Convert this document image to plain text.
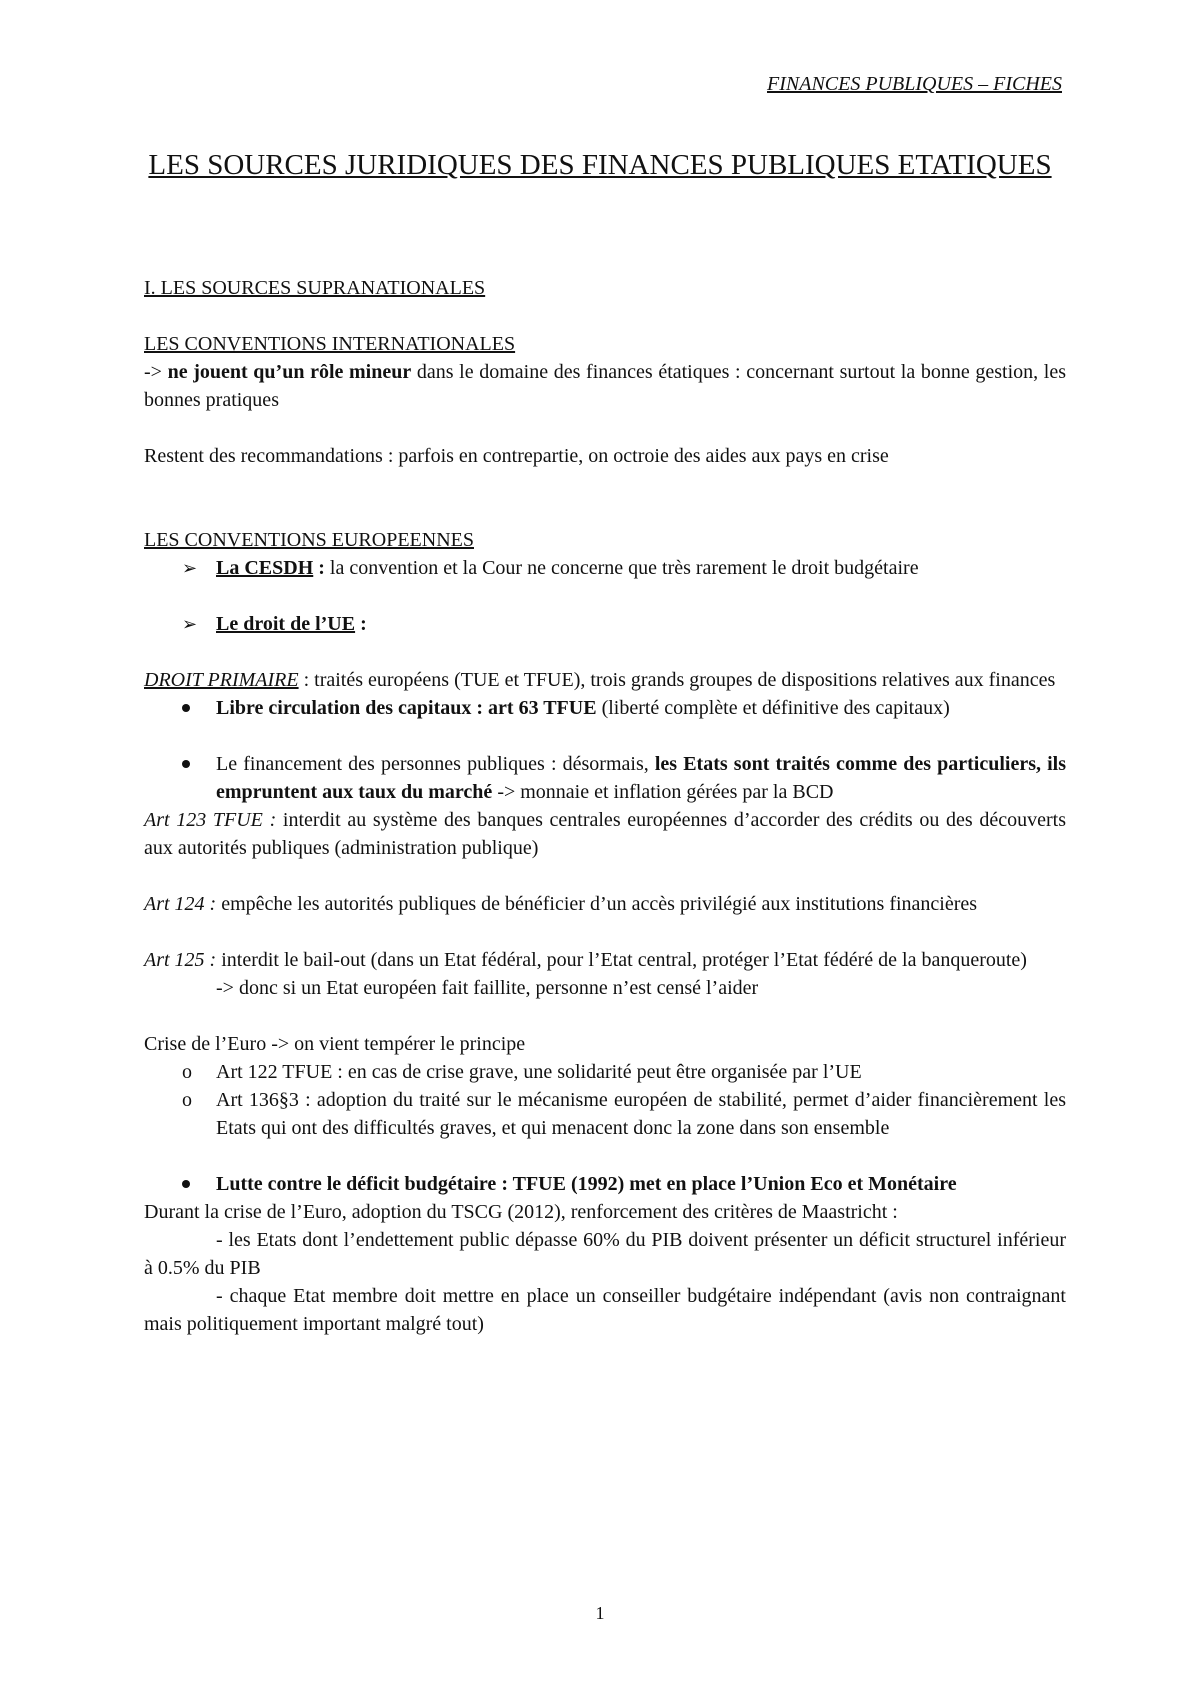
FINANCES PUBLIQUES – FICHES
LES SOURCES JURIDIQUES DES FINANCES PUBLIQUES ETATIQUES

I. LES SOURCES SUPRANATIONALES

LES CONVENTIONS INTERNATIONALES

-> ne jouent qu’un rôle mineur dans le domaine des finances étatiques : concernant surtout la bonne gestion, les bonnes pratiques

Restent des recommandations : parfois en contrepartie, on octroie des aides aux pays en crise

LES CONVENTIONS EUROPEENNES

➢ La CESDH : la convention et la Cour ne concerne que très rarement le droit budgétaire
➢ Le droit de l’UE :

DROIT PRIMAIRE : traités européens (TUE et TFUE), trois grands groupes de dispositions relatives aux finances

Libre circulation des capitaux : art 63 TFUE (liberté complète et définitive des capitaux)
Le financement des personnes publiques : désormais, les Etats sont traités comme des particuliers, ils empruntent aux taux du marché -> monnaie et inflation gérées par la BCD

Art 123 TFUE : interdit au système des banques centrales européennes d’accorder des crédits ou des découverts aux autorités publiques (administration publique)

Art 124 : empêche les autorités publiques de bénéficier d’un accès privilégié aux institutions financières

Art 125 : interdit le bail-out (dans un Etat fédéral, pour l’Etat central, protéger l’Etat fédéré de la banqueroute)

-> donc si un Etat européen fait faillite, personne n’est censé l’aider

Crise de l’Euro -> on vient tempérer le principe

o Art 122 TFUE : en cas de crise grave, une solidarité peut être organisée par l’UE
o Art 136§3 : adoption du traité sur le mécanisme européen de stabilité, permet d’aider financièrement les Etats qui ont des difficultés graves, et qui menacent donc la zone dans son ensemble
Lutte contre le déficit budgétaire : TFUE (1992) met en place l’Union Eco et Monétaire

Durant la crise de l’Euro, adoption du TSCG (2012), renforcement des critères de Maastricht :

- les Etats dont l’endettement public dépasse 60% du PIB doivent présenter un déficit structurel inférieur à 0.5% du PIB

- chaque Etat membre doit mettre en place un conseiller budgétaire indépendant (avis non contraignant mais politiquement important malgré tout)

1
